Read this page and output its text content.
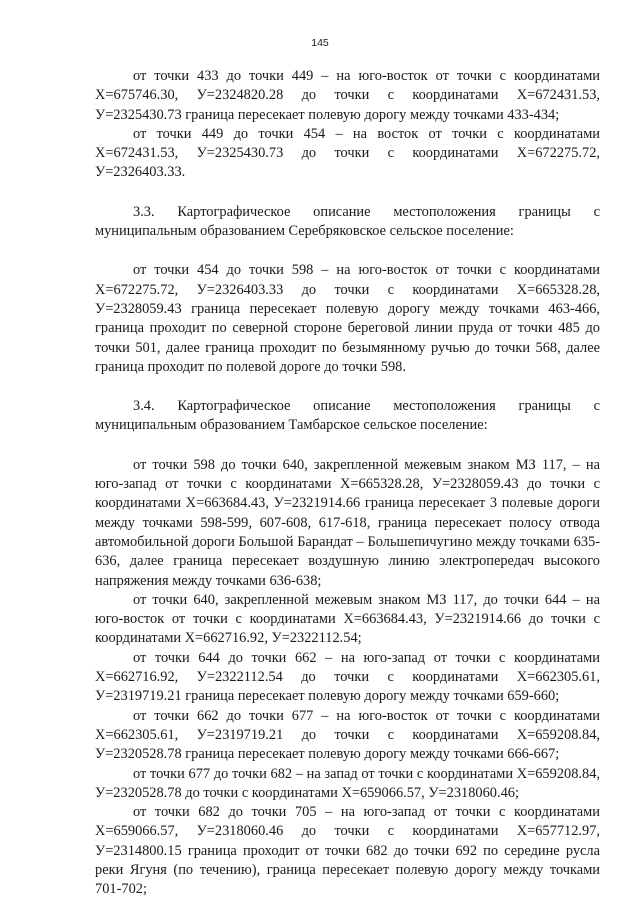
145

от точки 433 до точки 449 – на юго-восток от точки с координатами Х=675746.30, У=2324820.28 до точки с координатами Х=672431.53, У=2325430.73 граница пересекает полевую дорогу между точками 433-434;

от точки 449 до точки 454 – на восток от точки с координатами Х=672431.53, У=2325430.73 до точки с координатами Х=672275.72, У=2326403.33.

3.3. Картографическое описание местоположения границы с муниципальным образованием Серебряковское сельское поселение:

от точки 454 до точки 598 – на юго-восток от точки с координатами Х=672275.72, У=2326403.33 до точки с координатами Х=665328.28, У=2328059.43 граница пересекает полевую дорогу между точками 463-466, граница проходит по северной стороне береговой линии пруда от точки 485 до точки 501, далее граница проходит по безымянному ручью до точки 568, далее граница проходит по полевой дороге до точки 598.

3.4. Картографическое описание местоположения границы с муниципальным образованием Тамбарское сельское поселение:

от точки 598 до точки 640, закрепленной межевым знаком МЗ 117, – на юго-запад от точки с координатами Х=665328.28, У=2328059.43 до точки с координатами Х=663684.43, У=2321914.66 граница пересекает 3 полевые дороги между точками 598-599, 607-608, 617-618, граница пересекает полосу отвода автомобильной дороги Большой Барандат – Большепичугино между точками 635-636, далее граница пересекает воздушную линию электропередач высокого напряжения между точками 636-638;

от точки 640, закрепленной межевым знаком МЗ 117, до точки 644 – на юго-восток от точки с координатами Х=663684.43, У=2321914.66 до точки с координатами Х=662716.92, У=2322112.54;

от точки 644 до точки 662 – на юго-запад от точки с координатами Х=662716.92, У=2322112.54 до точки с координатами Х=662305.61, У=2319719.21 граница пересекает полевую дорогу между точками 659-660;

от точки 662 до точки 677 – на юго-восток от точки с координатами Х=662305.61, У=2319719.21 до точки с координатами Х=659208.84, У=2320528.78 граница пересекает полевую дорогу между точками 666-667;

от точки 677 до точки 682 – на запад от точки с координатами Х=659208.84, У=2320528.78 до точки с координатами Х=659066.57, У=2318060.46;

от точки 682 до точки 705 – на юго-запад от точки с координатами Х=659066.57, У=2318060.46 до точки с координатами Х=657712.97, У=2314800.15 граница проходит от точки 682 до точки 692 по середине русла реки Ягуня (по течению), граница пересекает полевую дорогу между точками 701-702;
